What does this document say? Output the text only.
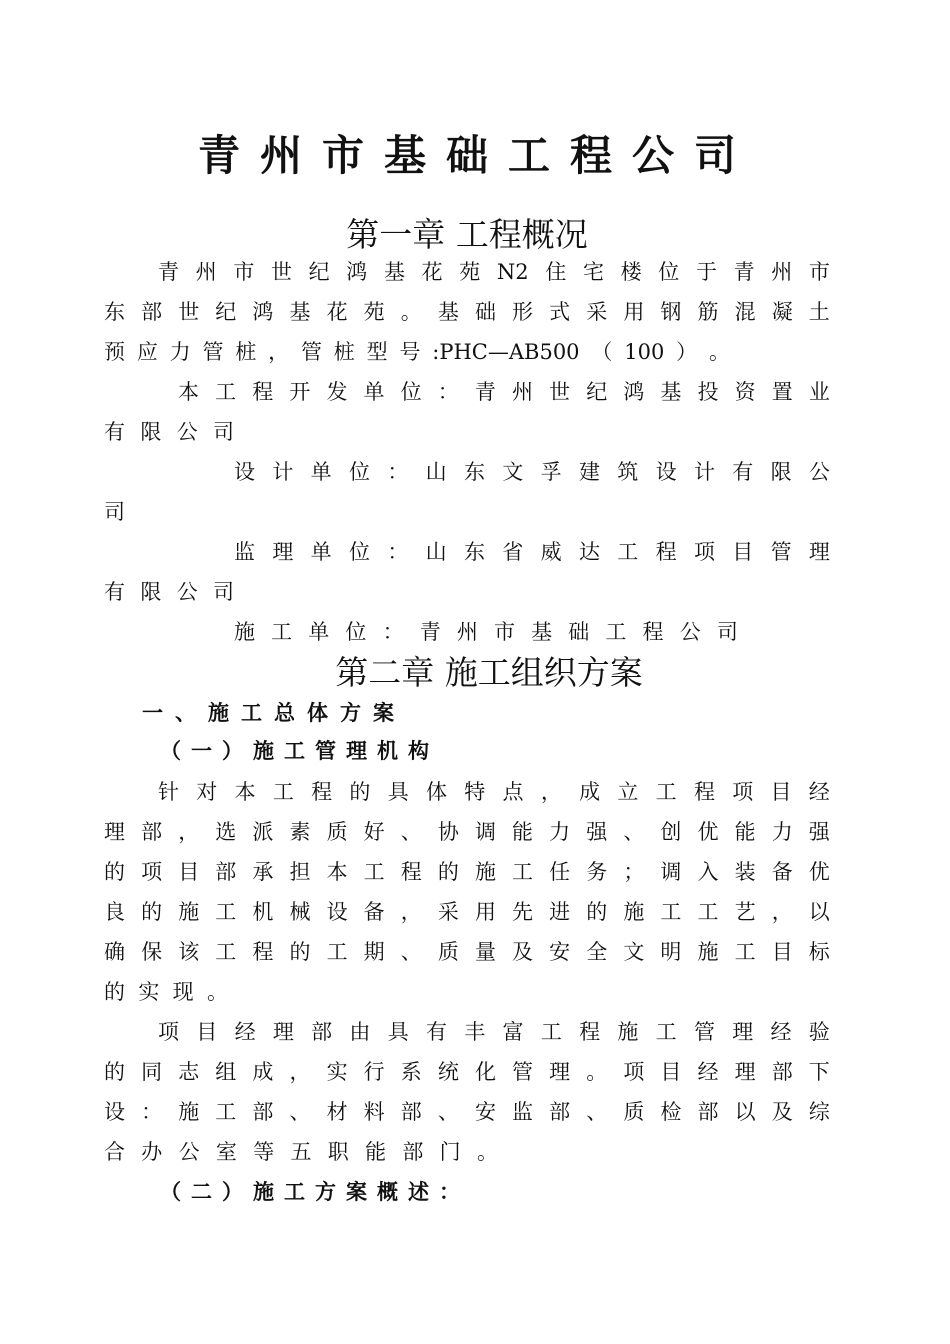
青州市基础工程公司
第一章 工程概况
青 州 市 世 纪 鸿 基 花 苑 N2 住 宅 楼 位 于 青 州 市
东 部 世 纪 鸿 基 花 苑 。 基 础 形 式 采 用 钢 筋 混 凝 土
预 应 力 管 桩 ， 管 桩 型 号 :PHC—AB500 （ 100 ） 。
本 工 程 开 发 单 位 ： 青 州 世 纪 鸿 基 投 资 置 业
有 限 公 司
设 计 单 位 ： 山 东 文 孚 建 筑 设 计 有 限 公
司
监 理 单 位 ： 山 东 省 威 达 工 程 项 目 管 理
有 限 公 司
施 工 单 位 ： 青 州 市 基 础 工 程 公 司
第二章 施工组织方案
一、施工总体方案
（一）施工管理机构
针 对 本 工 程 的 具 体 特 点 ， 成 立 工 程 项 目 经
理 部 ， 选 派 素 质 好 、 协 调 能 力 强 、 创 优 能 力 强
的 项 目 部 承 担 本 工 程 的 施 工 任 务 ； 调 入 装 备 优
良 的 施 工 机 械 设 备 ， 采 用 先 进 的 施 工 工 艺 ， 以
确 保 该 工 程 的 工 期 、 质 量 及 安 全 文 明 施 工 目 标
的 实 现 。
项 目 经 理 部 由 具 有 丰 富 工 程 施 工 管 理 经 验
的 同 志 组 成 ， 实 行 系 统 化 管 理 。 项 目 经 理 部 下
设 ： 施 工 部 、 材 料 部 、 安 监 部 、 质 检 部 以 及 综
合 办 公 室 等 五 职 能 部 门 。
（二）施工方案概述：
